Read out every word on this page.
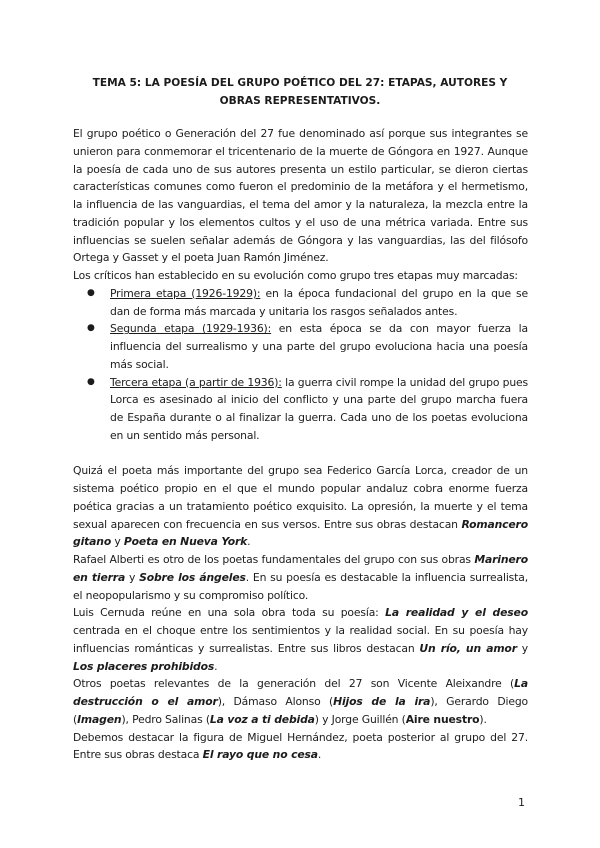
TEMA 5: LA POESÍA DEL GRUPO POÉTICO DEL 27: ETAPAS, AUTORES Y OBRAS REPRESENTATIVOS.

El grupo poético o Generación del 27 fue denominado así porque sus integrantes se unieron para conmemorar el tricentenario de la muerte de Góngora en 1927. Aunque la poesía de cada uno de sus autores presenta un estilo particular, se dieron ciertas características comunes como fueron el predominio de la metáfora y el hermetismo, la influencia de las vanguardias, el tema del amor y la naturaleza, la mezcla entre la tradición popular y los elementos cultos y el uso de una métrica variada. Entre sus influencias se suelen señalar además de Góngora y las vanguardias, las del filósofo Ortega y Gasset y el poeta Juan Ramón Jiménez.

Los críticos han establecido en su evolución como grupo tres etapas muy marcadas:

● Primera etapa (1926-1929): en la época fundacional del grupo en la que se dan de forma más marcada y unitaria los rasgos señalados antes.
● Segunda etapa (1929-1936): en esta época se da con mayor fuerza la influencia del surrealismo y una parte del grupo evoluciona hacia una poesía más social.
● Tercera etapa (a partir de 1936): la guerra civil rompe la unidad del grupo pues Lorca es asesinado al inicio del conflicto y una parte del grupo marcha fuera de España durante o al finalizar la guerra. Cada uno de los poetas evoluciona en un sentido más personal.

Quizá el poeta más importante del grupo sea Federico García Lorca, creador de un sistema poético propio en el que el mundo popular andaluz cobra enorme fuerza poética gracias a un tratamiento poético exquisito. La opresión, la muerte y el tema sexual aparecen con frecuencia en sus versos. Entre sus obras destacan Romancero gitano y Poeta en Nueva York.

Rafael Alberti es otro de los poetas fundamentales del grupo con sus obras Marinero en tierra y Sobre los ángeles. En su poesía es destacable la influencia surrealista, el neopopularismo y su compromiso político.

Luis Cernuda reúne en una sola obra toda su poesía: La realidad y el deseo centrada en el choque entre los sentimientos y la realidad social. En su poesía hay influencias románticas y surrealistas. Entre sus libros destacan Un río, un amor y Los placeres prohibidos.

Otros poetas relevantes de la generación del 27 son Vicente Aleixandre (La destrucción o el amor), Dámaso Alonso (Hijos de la ira), Gerardo Diego (Imagen), Pedro Salinas (La voz a ti debida) y Jorge Guillén (Aire nuestro).

Debemos destacar la figura de Miguel Hernández, poeta posterior al grupo del 27. Entre sus obras destaca El rayo que no cesa.

1
